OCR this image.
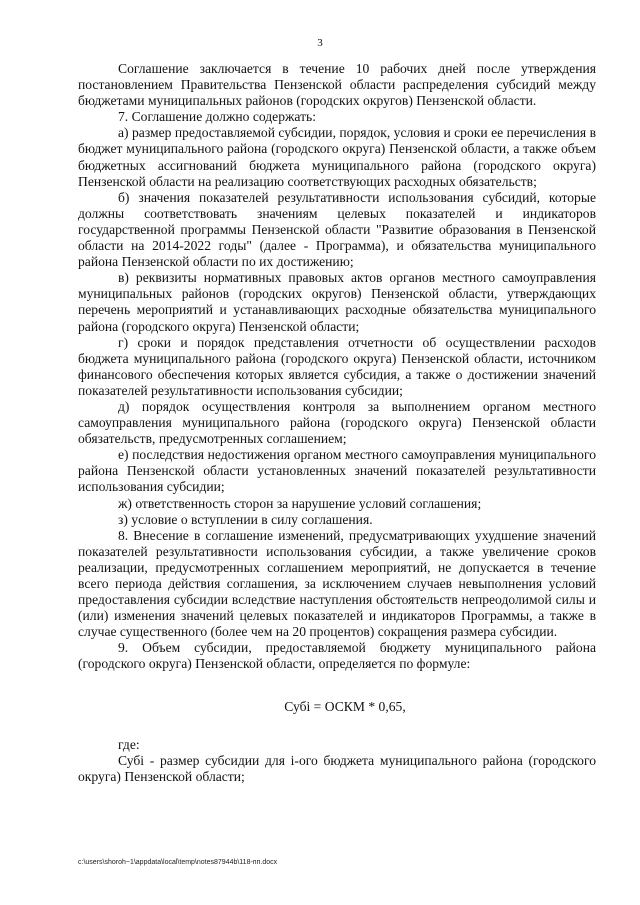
3

Соглашение заключается в течение 10 рабочих дней после утверждения постановлением Правительства Пензенской области распределения субсидий между бюджетами муниципальных районов (городских округов) Пензенской области.

7. Соглашение должно содержать:

а) размер предоставляемой субсидии, порядок, условия и сроки ее перечисления в бюджет муниципального района (городского округа) Пензенской области, а также объем бюджетных ассигнований бюджета муниципального района (городского округа) Пензенской области на реализацию соответствующих расходных обязательств;

б) значения показателей результативности использования субсидий, которые должны соответствовать значениям целевых показателей и индикаторов государственной программы Пензенской области "Развитие образования в Пензенской области на 2014-2022 годы" (далее - Программа), и обязательства муниципального района Пензенской области по их достижению;

в) реквизиты нормативных правовых актов органов местного самоуправления муниципальных районов (городских округов) Пензенской области, утверждающих перечень мероприятий и устанавливающих расходные обязательства муниципального района (городского округа) Пензенской области;

г) сроки и порядок представления отчетности об осуществлении расходов бюджета муниципального района (городского округа) Пензенской области, источником финансового обеспечения которых является субсидия, а также о достижении значений показателей результативности использования субсидии;

д) порядок осуществления контроля за выполнением органом местного самоуправления муниципального района (городского округа) Пензенской области обязательств, предусмотренных соглашением;

е) последствия недостижения органом местного самоуправления муниципального района Пензенской области установленных значений показателей результативности использования субсидии;

ж) ответственность сторон за нарушение условий соглашения;

з) условие о вступлении в силу соглашения.

8. Внесение в соглашение изменений, предусматривающих ухудшение значений показателей результативности использования субсидии, а также увеличение сроков реализации, предусмотренных соглашением мероприятий, не допускается в течение всего периода действия соглашения, за исключением случаев невыполнения условий предоставления субсидии вследствие наступления обстоятельств непреодолимой силы и (или) изменения значений целевых показателей и индикаторов Программы, а также в случае существенного (более чем на 20 процентов) сокращения размера субсидии.

9. Объем субсидии, предоставляемой бюджету муниципального района (городского округа) Пензенской области, определяется по формуле:

Субi = ОСКМ * 0,65,

где:

Субi - размер субсидии для i-ого бюджета муниципального района (городского округа) Пензенской области;

c:\users\shoroh~1\appdata\local\temp\notes87944b\118-пп.docx
